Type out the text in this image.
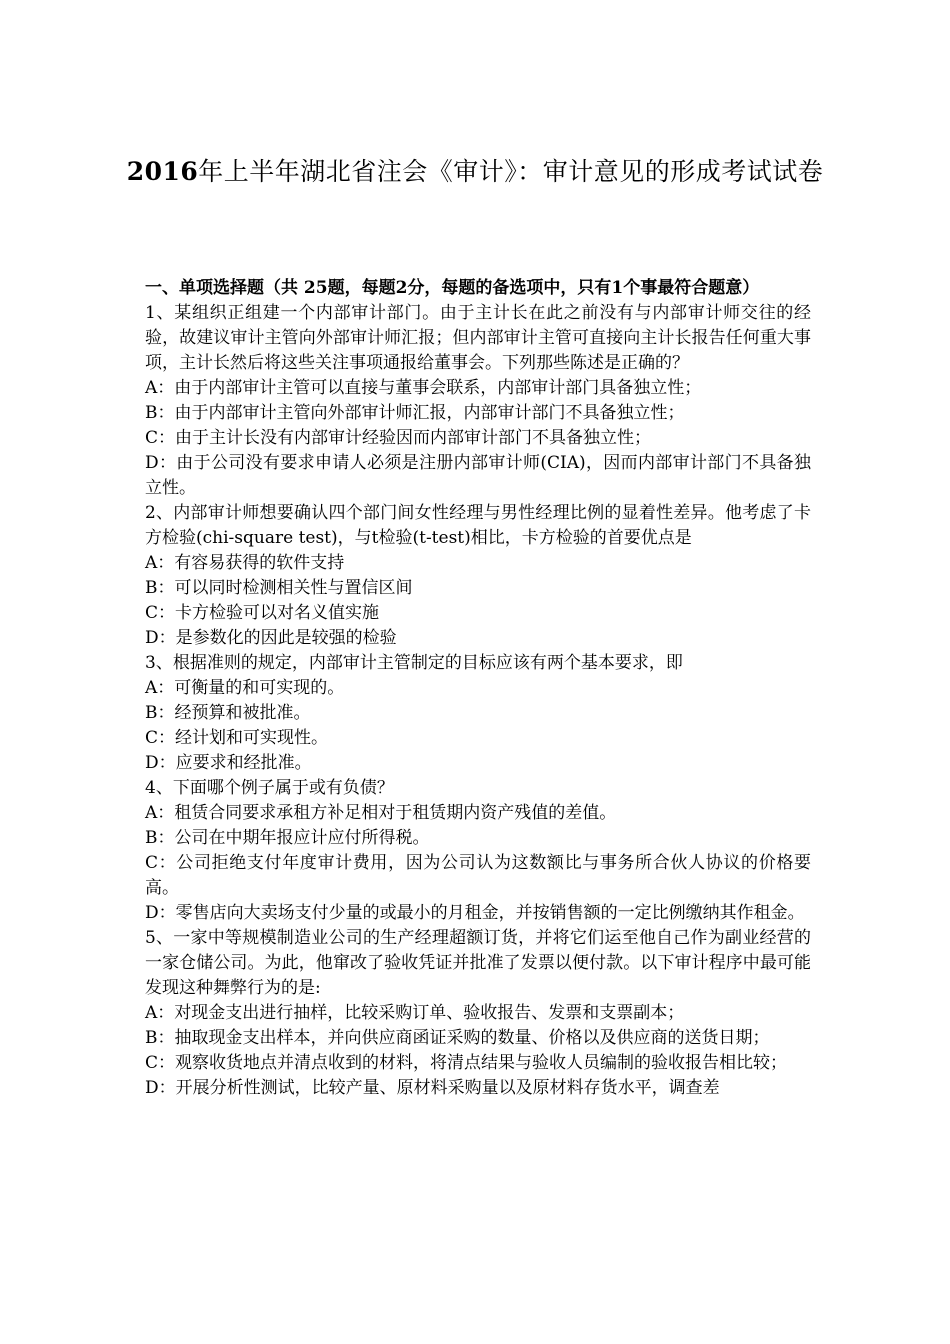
2016年上半年湖北省注会《审计》：审计意见的形成考试试卷

一、单项选择题（共 25题，每题2分，每题的备选项中，只有1个事最符合题意）

1、某组织正组建一个内部审计部门。由于主计长在此之前没有与内部审计师交往的经验，故建议审计主管向外部审计师汇报；但内部审计主管可直接向主计长报告任何重大事项，主计长然后将这些关注事项通报给董事会。下列那些陈述是正确的？

A：由于内部审计主管可以直接与董事会联系，内部审计部门具备独立性；

B：由于内部审计主管向外部审计师汇报，内部审计部门不具备独立性；

C：由于主计长没有内部审计经验因而内部审计部门不具备独立性；

D：由于公司没有要求申请人必须是注册内部审计师(CIA)，因而内部审计部门不具备独立性。

2、内部审计师想要确认四个部门间女性经理与男性经理比例的显着性差异。他考虑了卡方检验(chi-square test)，与t检验(t-test)相比，卡方检验的首要优点是

A：有容易获得的软件支持

B：可以同时检测相关性与置信区间

C：卡方检验可以对名义值实施

D：是参数化的因此是较强的检验

3、根据准则的规定，内部审计主管制定的目标应该有两个基本要求，即

A：可衡量的和可实现的。

B：经预算和被批准。

C：经计划和可实现性。

D：应要求和经批准。

4、下面哪个例子属于或有负债？

A：租赁合同要求承租方补足相对于租赁期内资产残值的差值。

B：公司在中期年报应计应付所得税。

C：公司拒绝支付年度审计费用，因为公司认为这数额比与事务所合伙人协议的价格要高。

D：零售店向大卖场支付少量的或最小的月租金，并按销售额的一定比例缴纳其作租金。

5、一家中等规模制造业公司的生产经理超额订货，并将它们运至他自己作为副业经营的一家仓储公司。为此，他窜改了验收凭证并批准了发票以便付款。以下审计程序中最可能发现这种舞弊行为的是:

A：对现金支出进行抽样，比较采购订单、验收报告、发票和支票副本；

B：抽取现金支出样本，并向供应商函证采购的数量、价格以及供应商的送货日期；

C：观察收货地点并清点收到的材料，将清点结果与验收人员编制的验收报告相比较；

D：开展分析性测试，比较产量、原材料采购量以及原材料存货水平，调查差
